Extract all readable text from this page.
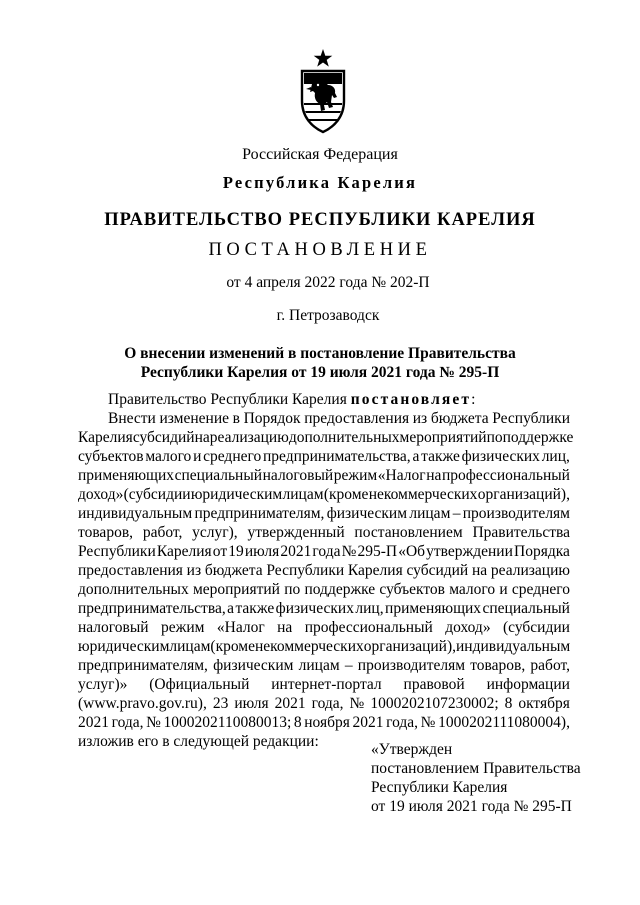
Российская Федерация
Республика Карелия
ПРАВИТЕЛЬСТВО РЕСПУБЛИКИ КАРЕЛИЯ
ПОСТАНОВЛЕНИЕ
от 4 апреля 2022 года № 202-П
г. Петрозаводск
О внесении изменений в постановление Правительства
Республики Карелия от 19 июля 2021 года № 295-П
Правительство Республики Карелия постановляет:
Внести изменение в Порядок предоставления из бюджета Республики
Карелия субсидий на реализацию дополнительных мероприятий по поддержке
субъектов малого и среднего предпринимательства, а также физических лиц,
применяющих специальный налоговый режим «Налог на профессиональный
доход» (субсидии юридическим лицам (кроме некоммерческих организаций),
индивидуальным предпринимателям, физическим лицам – производителям
товаров, работ, услуг), утвержденный постановлением Правительства
Республики Карелия от 19 июля 2021 года № 295-П «Об утверждении Порядка
предоставления из бюджета Республики Карелия субсидий на реализацию
дополнительных мероприятий по поддержке субъектов малого и среднего
предпринимательства, а также физических лиц, применяющих специальный
налоговый режим «Налог на профессиональный доход» (субсидии
юридическим лицам (кроме некоммерческих организаций), индивидуальным
предпринимателям, физическим лицам – производителям товаров, работ,
услуг)» (Официальный интернет-портал правовой информации
(www.pravo.gov.ru), 23 июля 2021 года, № 1000202107230002; 8 октября
2021 года, № 1000202110080013; 8 ноября 2021 года, № 1000202111080004),
изложив его в следующей редакции:	«Утвержден
постановлением Правительства
Республики Карелия
от 19 июля 2021 года № 295-П
